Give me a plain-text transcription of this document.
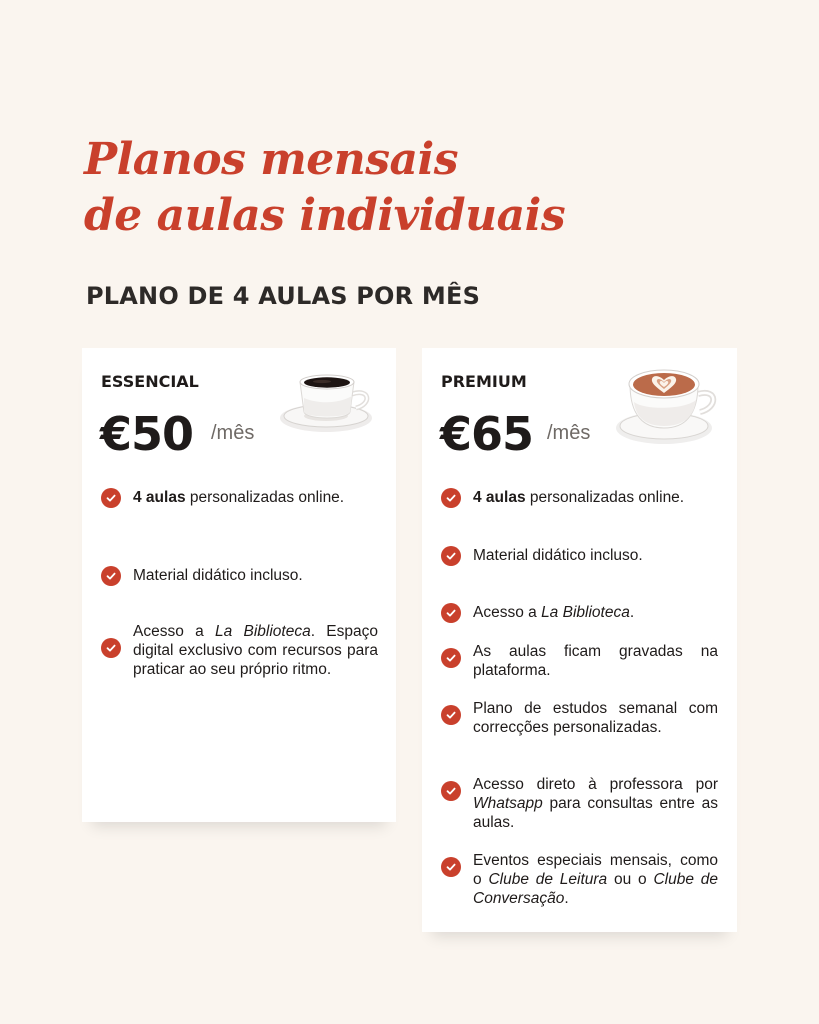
Planos mensais
de aulas individuais
PLANO DE 4 AULAS POR MÊS
ESSENCIAL
€50 /mês
4 aulas personalizadas online.
Material didático incluso.
Acesso a La Biblioteca. Espaço digital exclusivo com recursos para praticar ao seu próprio ritmo.
PREMIUM
€65 /mês
4 aulas personalizadas online.
Material didático incluso.
Acesso a La Biblioteca.
As aulas ficam gravadas na plataforma.
Plano de estudos semanal com correcções personalizadas.
Acesso direto à professora por Whatsapp para consultas entre as aulas.
Eventos especiais mensais, como o Clube de Leitura ou o Clube de Conversação.
